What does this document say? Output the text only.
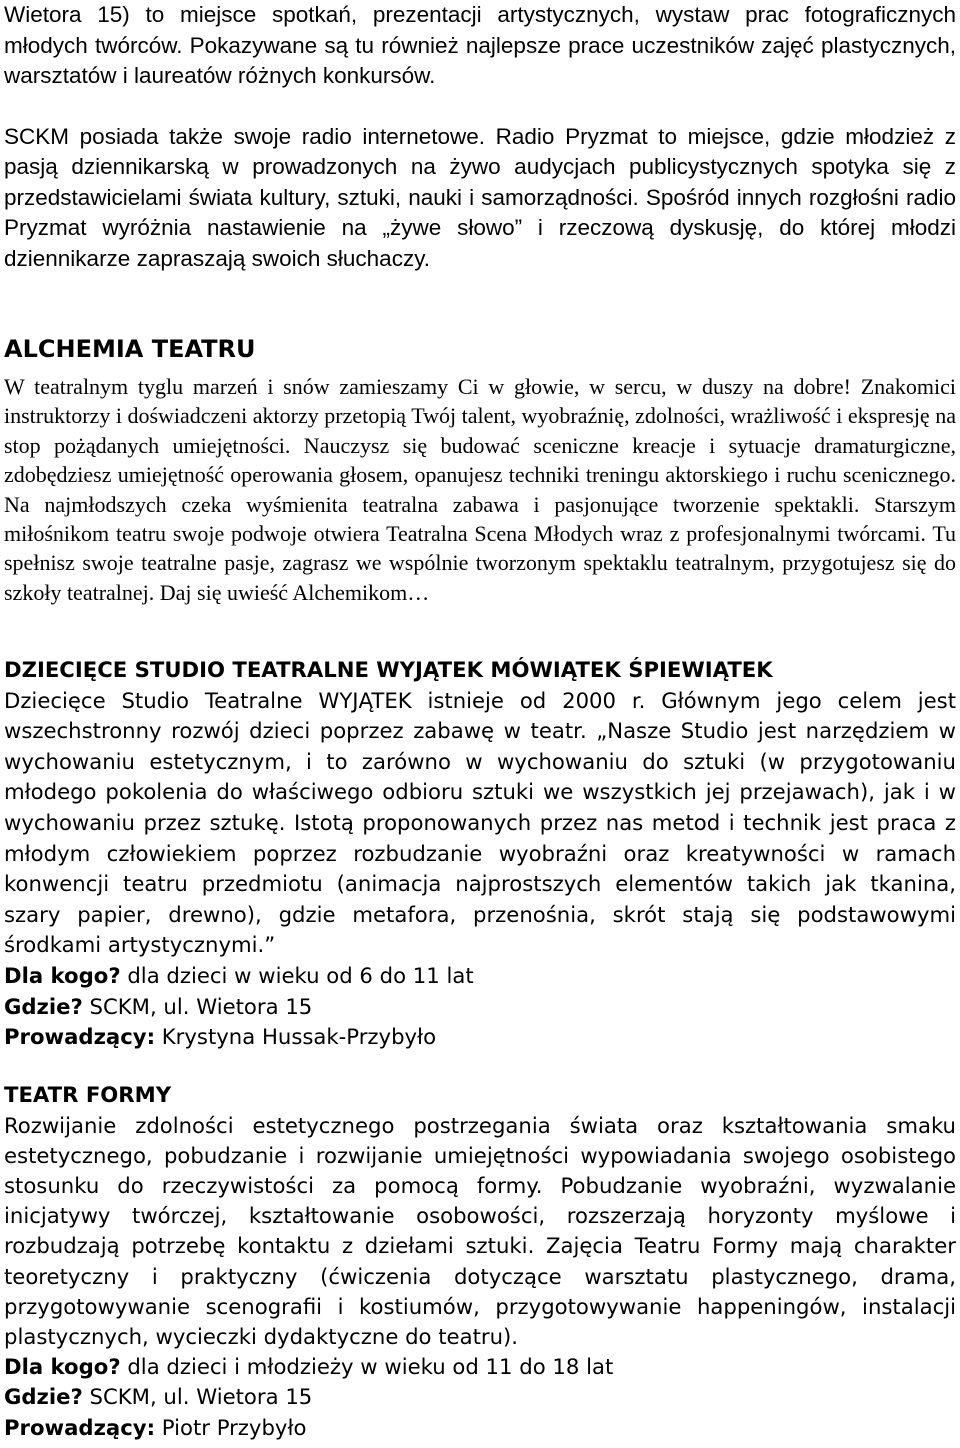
Wietora 15) to miejsce spotkań, prezentacji artystycznych, wystaw prac fotograficznych młodych twórców. Pokazywane są tu również najlepsze prace uczestników zajęć plastycznych, warsztatów i laureatów różnych konkursów.

SCKM posiada także swoje radio internetowe. Radio Pryzmat to miejsce, gdzie młodzież z pasją dziennikarską w prowadzonych na żywo audycjach publicystycznych spotyka się z przedstawicielami świata kultury, sztuki, nauki i samorządności. Spośród innych rozgłośni radio Pryzmat wyróżnia nastawienie na „żywe słowo” i rzeczową dyskusję, do której młodzi dziennikarze zapraszają swoich słuchaczy.

ALCHEMIA TEATRU

W teatralnym tyglu marzeń i snów zamieszamy Ci w głowie, w sercu, w duszy na dobre! Znakomici instruktorzy i doświadczeni aktorzy przetopią Twój talent, wyobraźnię, zdolności, wrażliwość i ekspresję na stop pożądanych umiejętności. Nauczysz się budować sceniczne kreacje i sytuacje dramaturgiczne, zdobędziesz umiejętność operowania głosem, opanujesz techniki treningu aktorskiego i ruchu scenicznego. Na najmłodszych czeka wyśmienita teatralna zabawa i pasjonujące tworzenie spektakli. Starszym miłośnikom teatru swoje podwoje otwiera Teatralna Scena Młodych wraz z profesjonalnymi twórcami. Tu spełnisz swoje teatralne pasje, zagrasz we wspólnie tworzonym spektaklu teatralnym, przygotujesz się do szkoły teatralnej. Daj się uwieść Alchemikom…

DZIECIĘCE STUDIO TEATRALNE WYJĄTEK MÓWIĄTEK ŚPIEWIĄTEK

Dziecięce Studio Teatralne WYJĄTEK istnieje od 2000 r. Głównym jego celem jest wszechstronny rozwój dzieci poprzez zabawę w teatr. „Nasze Studio jest narzędziem w wychowaniu estetycznym, i to zarówno w wychowaniu do sztuki (w przygotowaniu młodego pokolenia do właściwego odbioru sztuki we wszystkich jej przejawach), jak i w wychowaniu przez sztukę. Istotą proponowanych przez nas metod i technik jest praca z młodym człowiekiem poprzez rozbudzanie wyobraźni oraz kreatywności w ramach konwencji teatru przedmiotu (animacja najprostszych elementów takich jak tkanina, szary papier, drewno), gdzie metafora, przenośnia, skrót stają się podstawowymi środkami artystycznymi.”

Dla kogo? dla dzieci w wieku od 6 do 11 lat
Gdzie? SCKM, ul. Wietora 15
Prowadzący: Krystyna Hussak-Przybyło
TEATR FORMY

Rozwijanie zdolności estetycznego postrzegania świata oraz kształtowania smaku estetycznego, pobudzanie i rozwijanie umiejętności wypowiadania swojego osobistego stosunku do rzeczywistości za pomocą formy. Pobudzanie wyobraźni, wyzwalanie inicjatywy twórczej, kształtowanie osobowości, rozszerzają horyzonty myślowe i rozbudzają potrzebę kontaktu z dziełami sztuki. Zajęcia Teatru Formy mają charakter teoretyczny i praktyczny (ćwiczenia dotyczące warsztatu plastycznego, drama, przygotowywanie scenografii i kostiumów, przygotowywanie happeningów, instalacji plastycznych, wycieczki dydaktyczne do teatru).

Dla kogo? dla dzieci i młodzieży w wieku od 11 do 18 lat
Gdzie? SCKM, ul. Wietora 15
Prowadzący: Piotr Przybyło
